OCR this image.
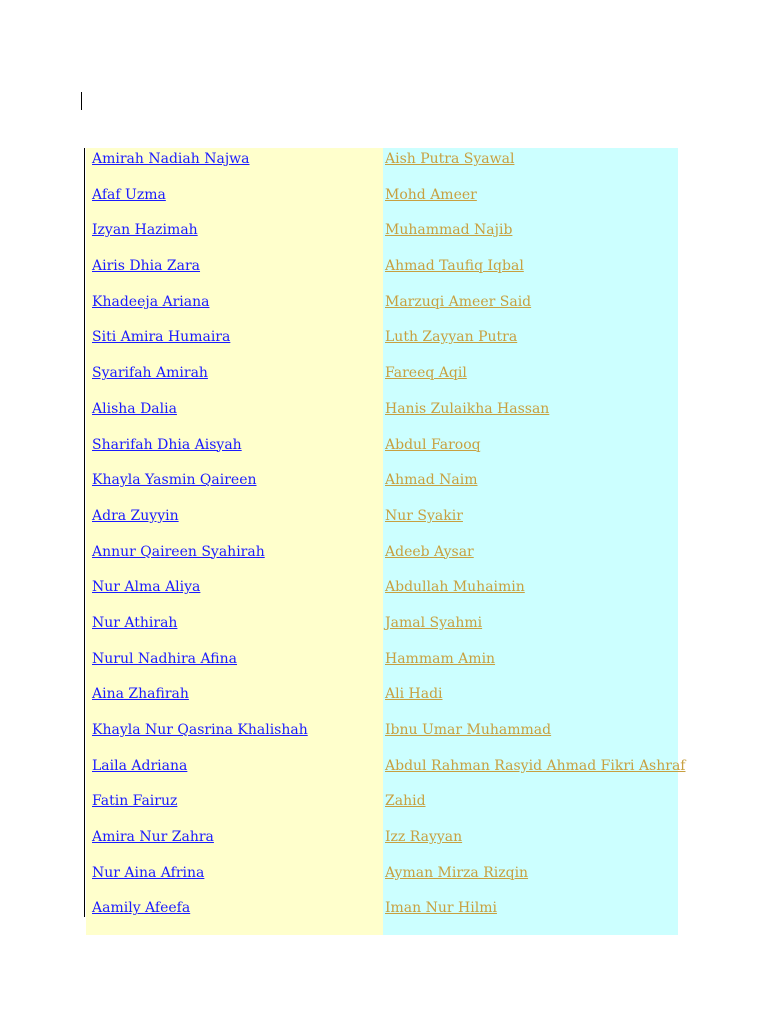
Amirah Nadiah Najwa
Afaf Uzma
Izyan Hazimah
Airis Dhia Zara
Khadeeja Ariana
Siti Amira Humaira
Syarifah Amirah
Alisha Dalia
Sharifah Dhia Aisyah
Khayla Yasmin Qaireen
Adra Zuyyin
Annur Qaireen Syahirah
Nur Alma Aliya
Nur Athirah
Nurul Nadhira Afina
Aina Zhafirah
Khayla Nur Qasrina Khalishah
Laila Adriana
Fatin Fairuz
Amira Nur Zahra
Nur Aina Afrina
Aamily Afeefa
Aish Putra Syawal
Mohd Ameer
Muhammad Najib
Ahmad Taufiq Iqbal
Marzuqi Ameer Said
Luth Zayyan Putra
Fareeq Aqil
Hanis Zulaikha Hassan
Abdul Farooq
Ahmad Naim
Nur Syakir
Adeeb Aysar
Abdullah Muhaimin
Jamal Syahmi
Hammam Amin
Ali Hadi
Ibnu Umar Muhammad
Abdul Rahman Rasyid Ahmad Fikri Ashraf
Zahid
Izz Rayyan
Ayman Mirza Rizqin
Iman Nur Hilmi
